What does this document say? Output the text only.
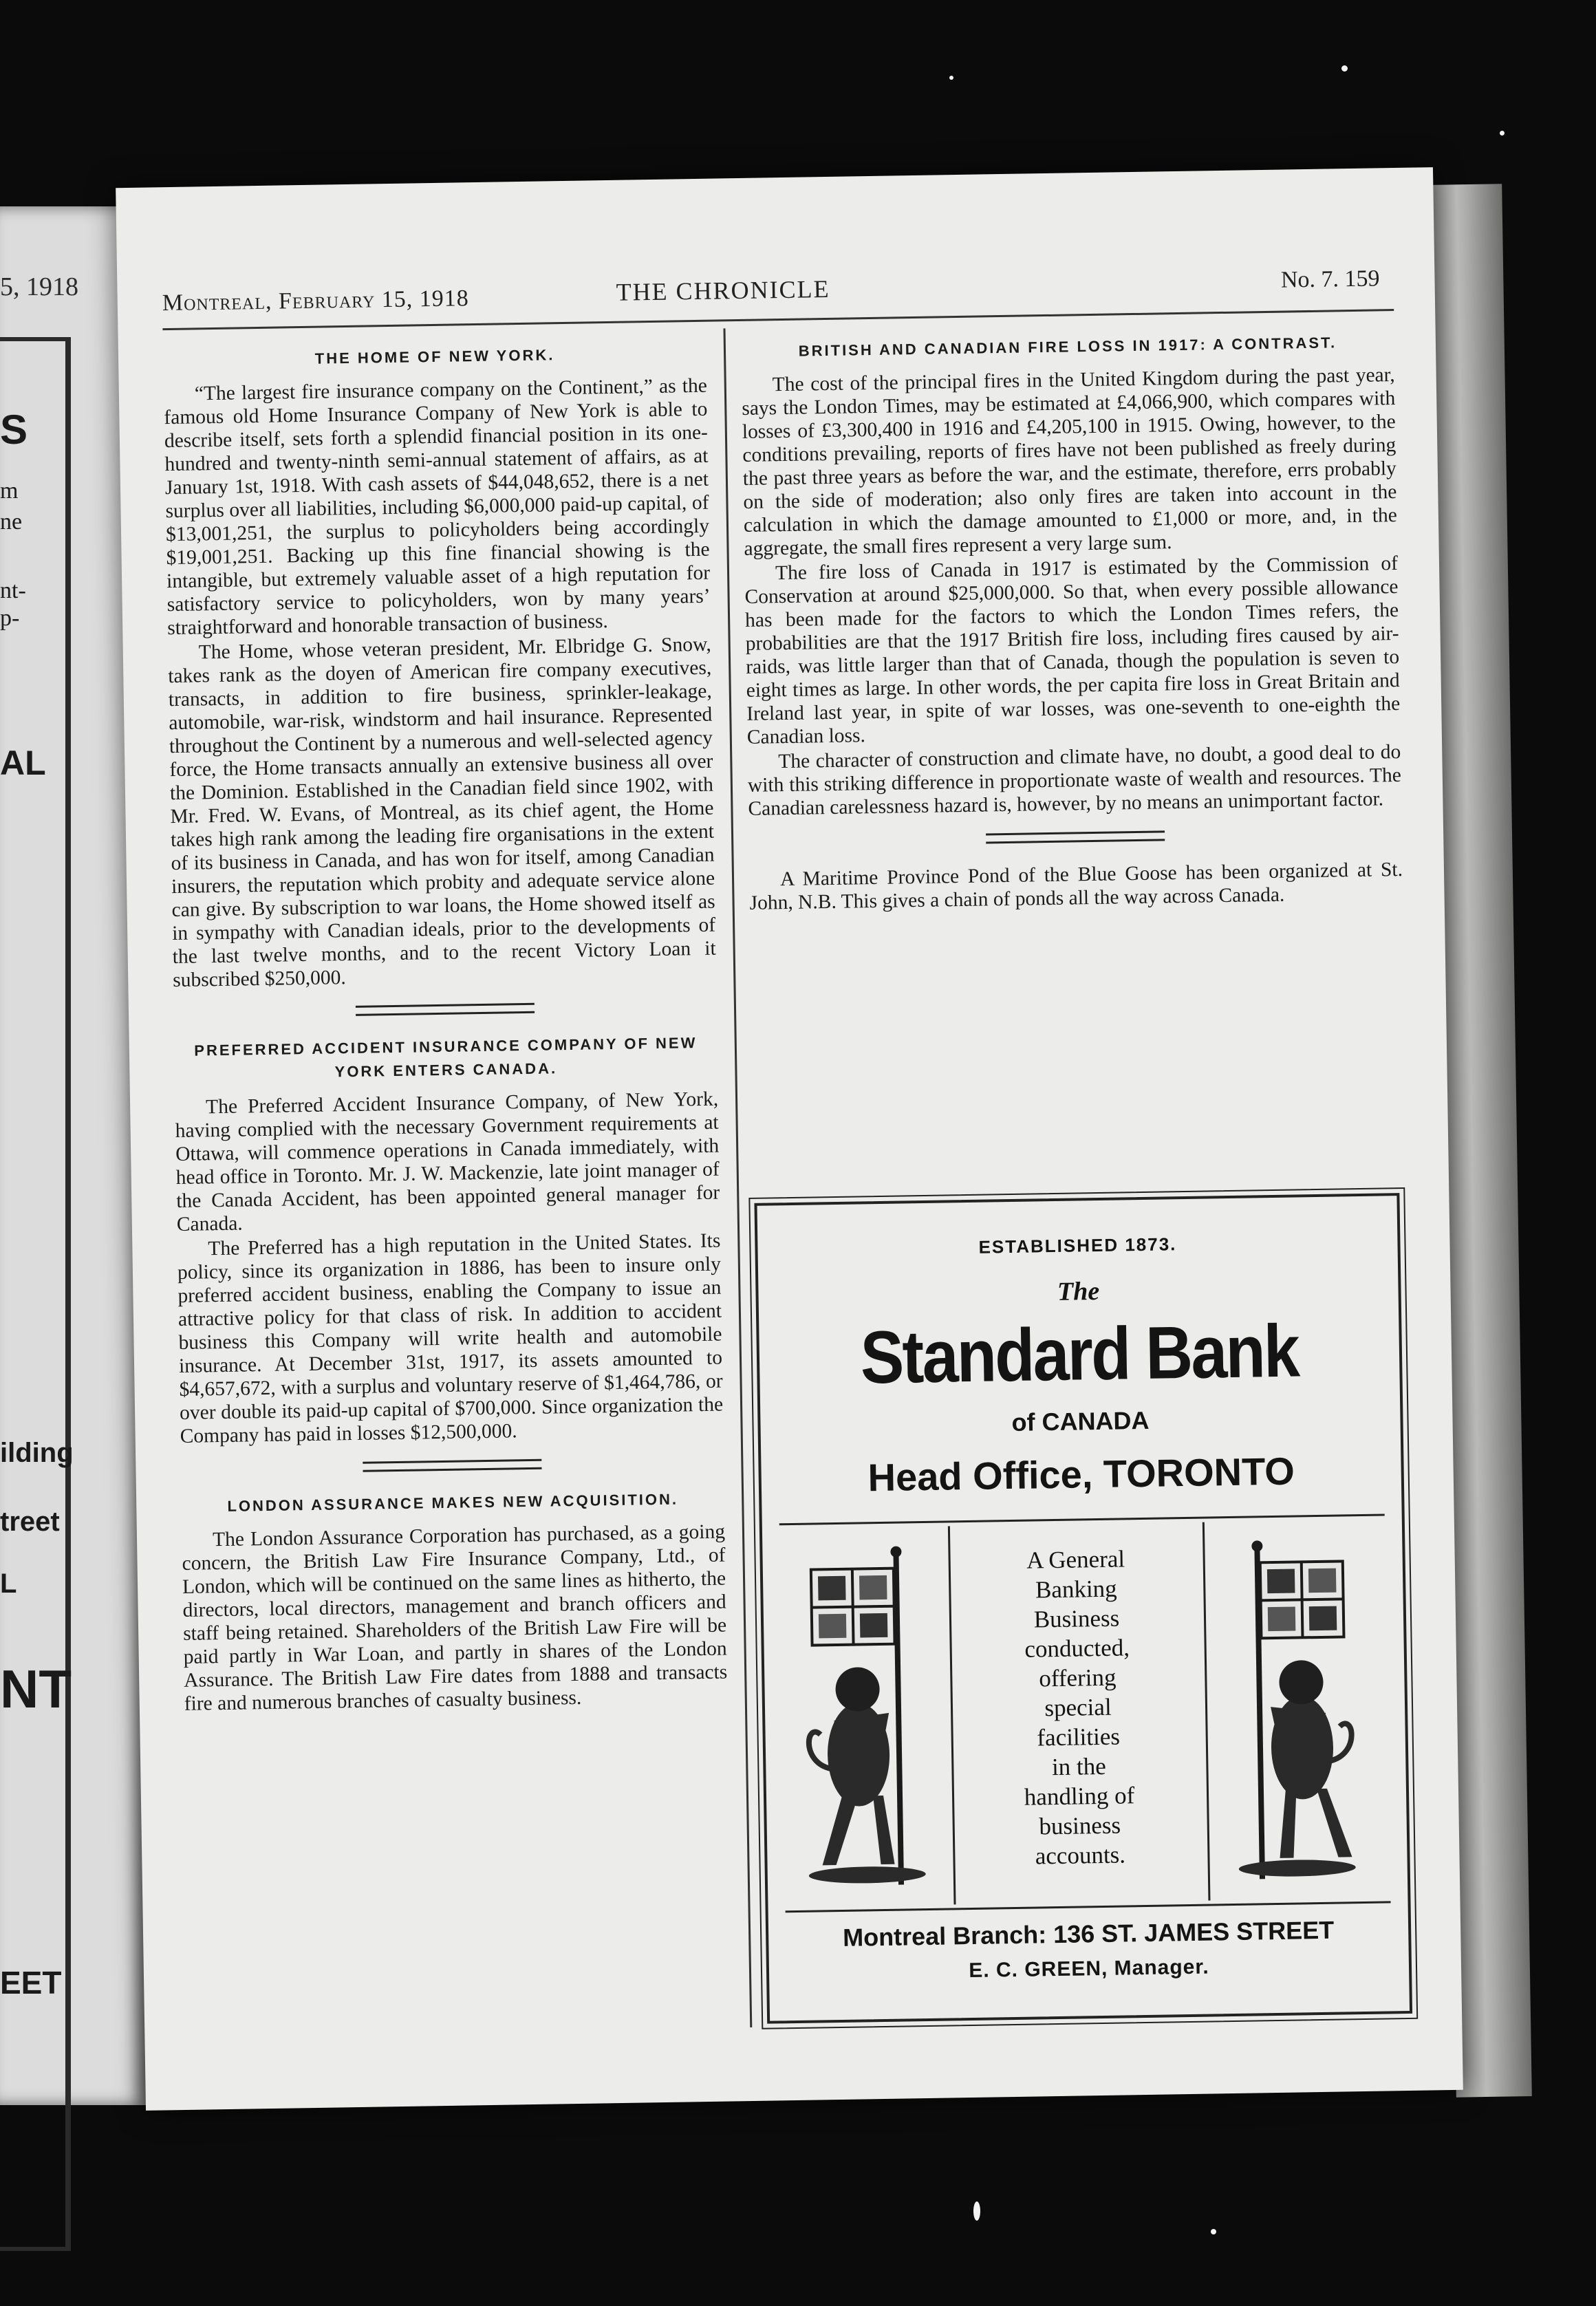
5, 1918
S
m
ne
nt-
p-
AL
ilding
treet
L
NT
EET
Montreal, February 15, 1918	THE CHRONICLE	No. 7. 159
THE HOME OF NEW YORK.

“The largest fire insurance company on the Continent,” as the famous old Home Insurance Company of New York is able to describe itself, sets forth a splendid financial position in its one-hundred and twenty-ninth semi-annual statement of affairs, as at January 1st, 1918. With cash assets of $44,048,652, there is a net surplus over all liabilities, including $6,000,000 paid-up capital, of $13,001,251, the surplus to policyholders being accordingly $19,001,251. Backing up this fine financial showing is the intangible, but extremely valuable asset of a high reputation for satisfactory service to policyholders, won by many years’ straightforward and honorable transaction of business.

The Home, whose veteran president, Mr. Elbridge G. Snow, takes rank as the doyen of American fire company executives, transacts, in addition to fire business, sprinkler-leakage, automobile, war-risk, windstorm and hail insurance. Represented throughout the Continent by a numerous and well-selected agency force, the Home transacts annually an extensive business all over the Dominion. Established in the Canadian field since 1902, with Mr. Fred. W. Evans, of Montreal, as its chief agent, the Home takes high rank among the leading fire organisations in the extent of its business in Canada, and has won for itself, among Canadian insurers, the reputation which probity and adequate service alone can give. By subscription to war loans, the Home showed itself as in sympathy with Canadian ideals, prior to the developments of the last twelve months, and to the recent Victory Loan it subscribed $250,000.

PREFERRED ACCIDENT INSURANCE COMPANY OF NEW YORK ENTERS CANADA.

The Preferred Accident Insurance Company, of New York, having complied with the necessary Government requirements at Ottawa, will commence operations in Canada immediately, with head office in Toronto. Mr. J. W. Mackenzie, late joint manager of the Canada Accident, has been appointed general manager for Canada.

The Preferred has a high reputation in the United States. Its policy, since its organization in 1886, has been to insure only preferred accident business, enabling the Company to issue an attractive policy for that class of risk. In addition to accident business this Company will write health and automobile insurance. At December 31st, 1917, its assets amounted to $4,657,672, with a surplus and voluntary reserve of $1,464,786, or over double its paid-up capital of $700,000. Since organization the Company has paid in losses $12,500,000.

LONDON ASSURANCE MAKES NEW ACQUISITION.

The London Assurance Corporation has purchased, as a going concern, the British Law Fire Insurance Company, Ltd., of London, which will be continued on the same lines as hitherto, the directors, local directors, management and branch officers and staff being retained. Shareholders of the British Law Fire will be paid partly in War Loan, and partly in shares of the London Assurance. The British Law Fire dates from 1888 and transacts fire and numerous branches of casualty business.

BRITISH AND CANADIAN FIRE LOSS IN 1917: A CONTRAST.

The cost of the principal fires in the United Kingdom during the past year, says the London Times, may be estimated at £4,066,900, which compares with losses of £3,300,400 in 1916 and £4,205,100 in 1915. Owing, however, to the conditions prevailing, reports of fires have not been published as freely during the past three years as before the war, and the estimate, therefore, errs probably on the side of moderation; also only fires are taken into account in the calculation in which the damage amounted to £1,000 or more, and, in the aggregate, the small fires represent a very large sum.

The fire loss of Canada in 1917 is estimated by the Commission of Conservation at around $25,000,000. So that, when every possible allowance has been made for the factors to which the London Times refers, the probabilities are that the 1917 British fire loss, including fires caused by air-raids, was little larger than that of Canada, though the population is seven to eight times as large. In other words, the per capita fire loss in Great Britain and Ireland last year, in spite of war losses, was one-seventh to one-eighth the Canadian loss.

The character of construction and climate have, no doubt, a good deal to do with this striking difference in proportionate waste of wealth and resources. The Canadian carelessness hazard is, however, by no means an unimportant factor.

A Maritime Province Pond of the Blue Goose has been organized at St. John, N.B. This gives a chain of ponds all the way across Canada.

ESTABLISHED 1873.
The
Standard Bank
of CANADA
Head Office, TORONTO
A General
Banking
Business
conducted,
offering
special
facilities
in the
handling of
business
accounts.
Montreal Branch: 136 ST. JAMES STREET
E. C. GREEN, Manager.
